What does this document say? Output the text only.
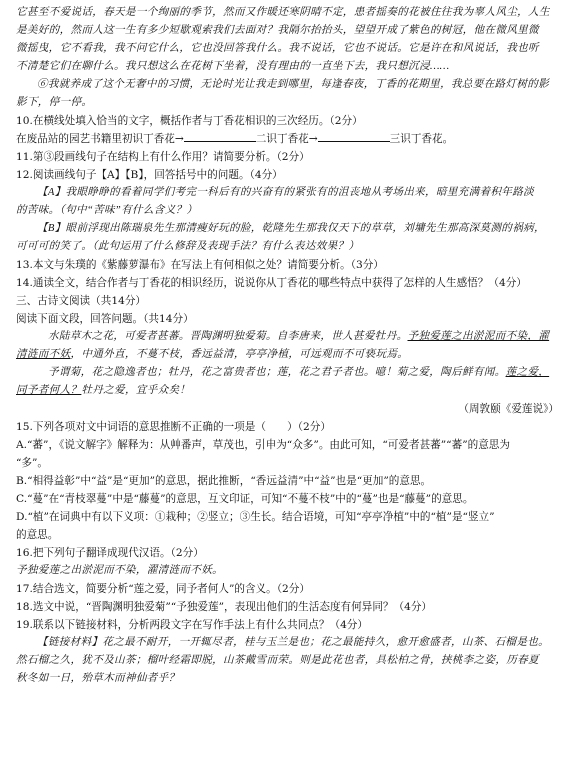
它甚至不爱说话，春天是一个绚丽的季节，然而又作暖还寒阴晴不定，患者摇奏的花被住往我为辜人风尘，人生

是美好的，然而人这一生有多少短歇观索我们去面对？我隔尔抬抬头，望望开成了紫色的树冠，他在微风里微

微摇曳，它不看我，我不问它什么，它也没回答我什么。我不说话，它也不说话。它是许在和风说话，我也听

不清楚它们在聊什么。我只想这么在花树下坐着，没有理由的一直坐下去，我只想沉浸……

⑥我就养成了这个无奢中的习惯，无论时光让我走到哪里，每逢春夜，丁香的花期里，我总要在路灯树的影

影下，停一停。

10.在横线处填入恰当的文字，概括作者与丁香花相识的三次经历。（2分）

在废品站的园艺书籍里初识丁香花→	二识丁香花→	三识丁香花。

11.第③段画线句子在结构上有什么作用？请简要分析。（2分）

12.阅读画线句子【A】【B】，回答括号中的问题。（4分）

【A】我眼睁睁的看着同学们考完一科后有的兴奋有的紧张有的沮丧地从考场出来，暗里充满着积年路淡

的苦味。（句中“苦味”有什么含义？）

【B】眼前浮现出陈瑞泉先生那清瘦好玩的脸，乾隆先生那我仅天下的草草，刘墉先生那高深莫测的祸病，

可可可的笑了。（此句运用了什么修辞及表现手法？有什么表达效果？）

13.本文与朱璞的《紫藤萝瀑布》在写法上有何相似之处？请简要分析。（3分）

14.通读全文，结合作者与丁香花的相识经历，说说你从丁香花的哪些特点中获得了怎样的人生感悟？（4分）

三、古诗文阅读（共14分）

阅读下面文段，回答问题。（共14分）

水陆草木之花，可爱者甚蕃。晋陶渊明独爱菊。自李唐来，世人甚爱牡丹。予独爱莲之出淤泥而不染，濯

清涟而不妖，中通外直，不蔓不枝，香远益清，亭亭净植，可远观而不可亵玩焉。

予谓菊，花之隐逸者也；牡丹，花之富贵者也；莲，花之君子者也。噫！菊之爱，陶后鲜有闻。莲之爱，

同予者何人？牡丹之爱，宜乎众矣！

（周敦颐《爱莲说》）

15.下列各项对文中词语的意思推断不正确的一项是（　　）（2分）

A.“蕃”，《说文解字》解释为：从艸番声，草茂也，引申为“众多”。由此可知，“可爱者甚蕃”“蕃”的意思为

“多”。

B.“相得益彰”中“益”是“更加”的意思，据此推断，“香远益清”中“益”也是“更加”的意思。

C.“蔓”在“青枝翠蔓”中是“藤蔓”的意思，互文印证，可知“不蔓不枝”中的“蔓”也是“藤蔓”的意思。

D.“植”在词典中有以下义项：①栽种；②竖立；③生长。结合语境，可知“亭亭净植”中的“植”是“竖立”

的意思。

16.把下列句子翻译成现代汉语。（2分）

予独爱莲之出淤泥而不染，濯清涟而不妖。

17.结合选文，简要分析“莲之爱，同予者何人”的含义。（2分）

18.选文中说，“晋陶渊明独爱菊”“予独爱莲”，表现出他们的生活态度有何异同？（4分）

19.联系以下链接材料，分析两段文字在写作手法上有什么共同点？（4分）

【链接材料】花之最不耐开，一开辄尽者，桂与玉兰是也；花之最能持久，愈开愈盛者，山茶、石榴是也。

然石榴之久，犹不及山茶；榴叶经霜即脱，山茶戴雪而荣。则是此花也者，具松柏之骨，挟桃李之姿，历春夏

秋冬如一日，殆草木而神仙者乎？
